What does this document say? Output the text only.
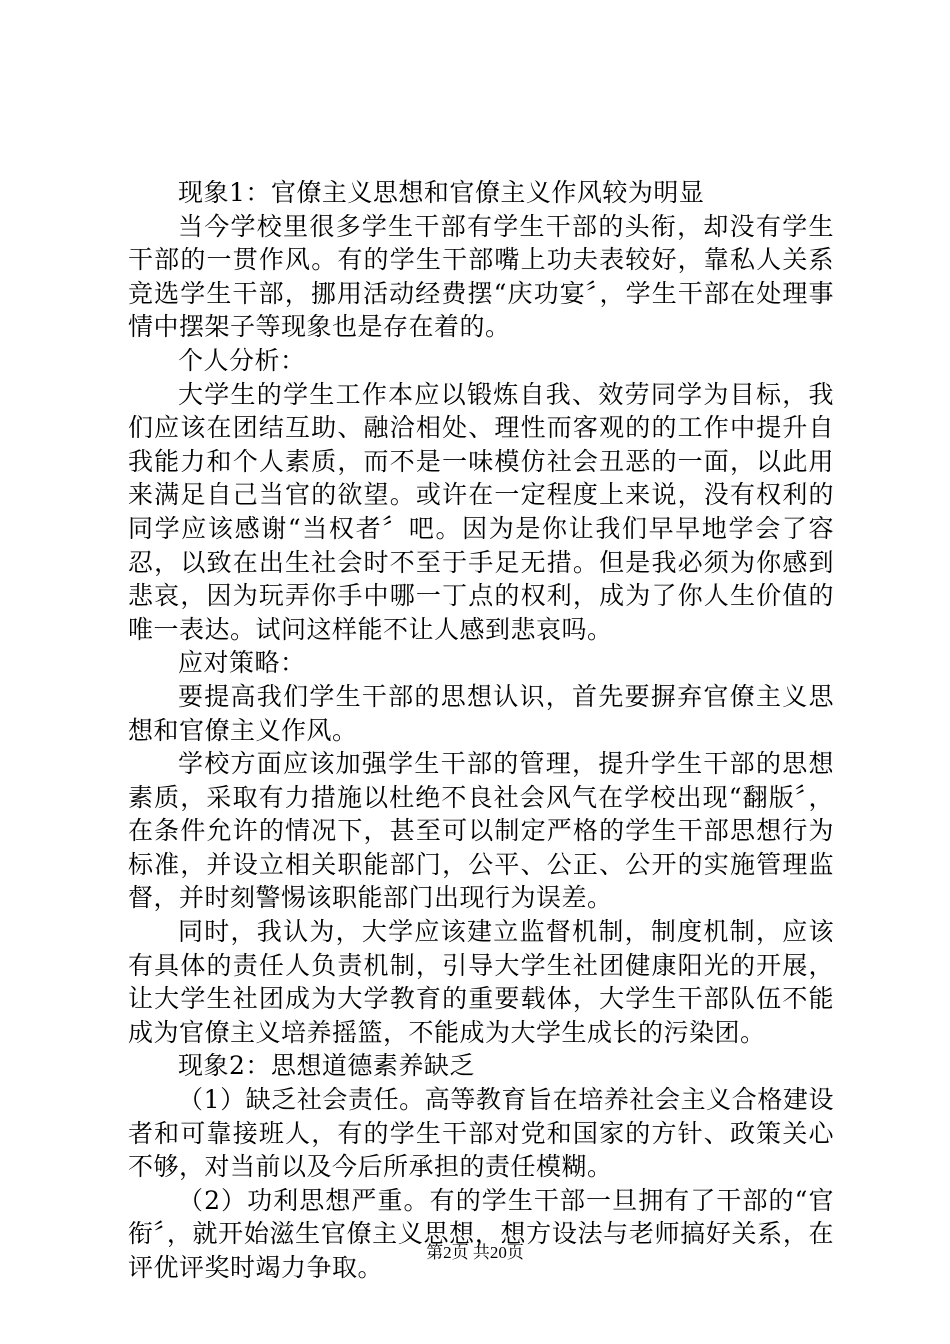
现象1：官僚主义思想和官僚主义作风较为明显

当今学校里很多学生干部有学生干部的头衔，却没有学生干部的一贯作风。有的学生干部嘴上功夫表较好，靠私人关系竞选学生干部，挪用活动经费摆“庆功宴〞，学生干部在处理事情中摆架子等现象也是存在着的。

个人分析：

大学生的学生工作本应以锻炼自我、效劳同学为目标，我们应该在团结互助、融洽相处、理性而客观的的工作中提升自我能力和个人素质，而不是一味模仿社会丑恶的一面，以此用来满足自己当官的欲望。或许在一定程度上来说，没有权利的同学应该感谢“当权者〞吧。因为是你让我们早早地学会了容忍，以致在出生社会时不至于手足无措。但是我必须为你感到悲哀，因为玩弄你手中哪一丁点的权利，成为了你人生价值的唯一表达。试问这样能不让人感到悲哀吗。

应对策略：

要提高我们学生干部的思想认识，首先要摒弃官僚主义思想和官僚主义作风。

学校方面应该加强学生干部的管理，提升学生干部的思想素质，采取有力措施以杜绝不良社会风气在学校出现“翻版〞，在条件允许的情况下，甚至可以制定严格的学生干部思想行为标准，并设立相关职能部门，公平、公正、公开的实施管理监督，并时刻警惕该职能部门出现行为误差。

同时，我认为，大学应该建立监督机制，制度机制，应该有具体的责任人负责机制，引导大学生社团健康阳光的开展，让大学生社团成为大学教育的重要载体，大学生干部队伍不能成为官僚主义培养摇篮，不能成为大学生成长的污染团。

现象2：思想道德素养缺乏

（1）缺乏社会责任。高等教育旨在培养社会主义合格建设者和可靠接班人，有的学生干部对党和国家的方针、政策关心不够，对当前以及今后所承担的责任模糊。

（2）功利思想严重。有的学生干部一旦拥有了干部的“官衔〞，就开始滋生官僚主义思想，想方设法与老师搞好关系，在评优评奖时竭力争取。

第2页 共20页
